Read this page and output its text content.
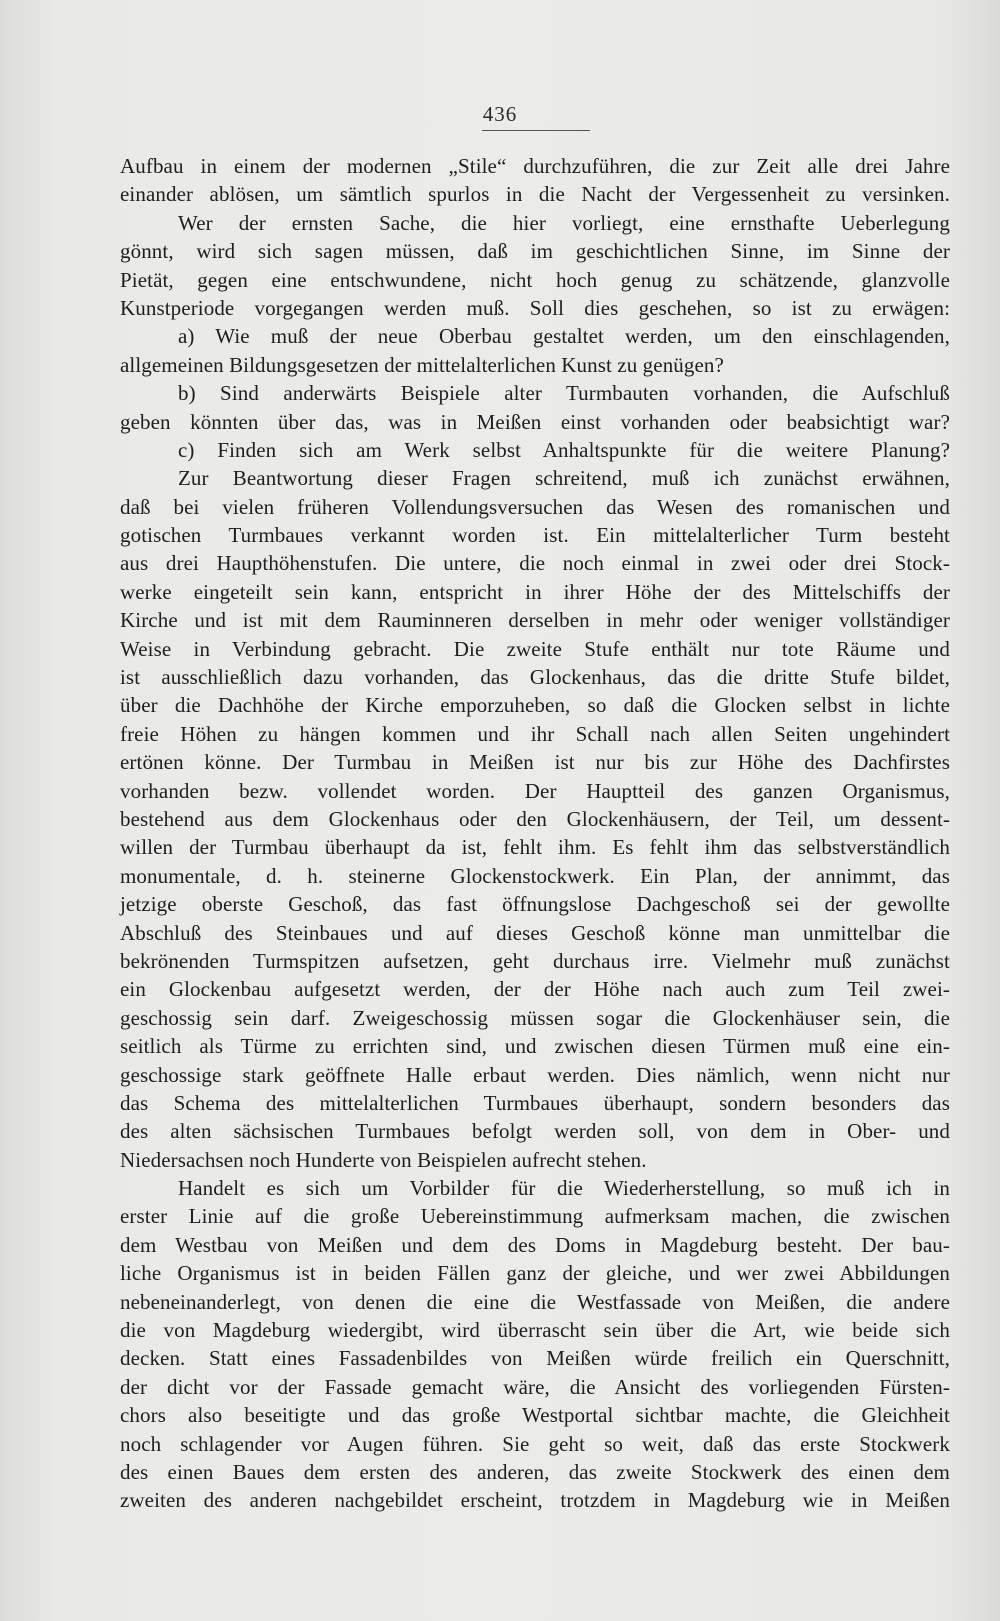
436
Aufbau in einem der modernen „Stile“ durchzuführen, die zur Zeit alle drei Jahre
einander ablösen, um sämtlich spurlos in die Nacht der Vergessenheit zu versinken.
Wer der ernsten Sache, die hier vorliegt, eine ernsthafte Ueberlegung
gönnt, wird sich sagen müssen, daß im geschichtlichen Sinne, im Sinne der
Pietät, gegen eine entschwundene, nicht hoch genug zu schätzende, glanzvolle
Kunstperiode vorgegangen werden muß. Soll dies geschehen, so ist zu erwägen:
a) Wie muß der neue Oberbau gestaltet werden, um den einschlagenden,
allgemeinen Bildungsgesetzen der mittelalterlichen Kunst zu genügen?
b) Sind anderwärts Beispiele alter Turmbauten vorhanden, die Aufschluß
geben könnten über das, was in Meißen einst vorhanden oder beabsichtigt war?
c) Finden sich am Werk selbst Anhaltspunkte für die weitere Planung?
Zur Beantwortung dieser Fragen schreitend, muß ich zunächst erwähnen,
daß bei vielen früheren Vollendungsversuchen das Wesen des romanischen und
gotischen Turmbaues verkannt worden ist. Ein mittelalterlicher Turm besteht
aus drei Haupthöhenstufen. Die untere, die noch einmal in zwei oder drei Stock-
werke eingeteilt sein kann, entspricht in ihrer Höhe der des Mittelschiffs der
Kirche und ist mit dem Rauminneren derselben in mehr oder weniger vollständiger
Weise in Verbindung gebracht. Die zweite Stufe enthält nur tote Räume und
ist ausschließlich dazu vorhanden, das Glockenhaus, das die dritte Stufe bildet,
über die Dachhöhe der Kirche emporzuheben, so daß die Glocken selbst in lichte
freie Höhen zu hängen kommen und ihr Schall nach allen Seiten ungehindert
ertönen könne. Der Turmbau in Meißen ist nur bis zur Höhe des Dachfirstes
vorhanden bezw. vollendet worden. Der Hauptteil des ganzen Organismus,
bestehend aus dem Glockenhaus oder den Glockenhäusern, der Teil, um dessent-
willen der Turmbau überhaupt da ist, fehlt ihm. Es fehlt ihm das selbstverständlich
monumentale, d. h. steinerne Glockenstockwerk. Ein Plan, der annimmt, das
jetzige oberste Geschoß, das fast öffnungslose Dachgeschoß sei der gewollte
Abschluß des Steinbaues und auf dieses Geschoß könne man unmittelbar die
bekrönenden Turmspitzen aufsetzen, geht durchaus irre. Vielmehr muß zunächst
ein Glockenbau aufgesetzt werden, der der Höhe nach auch zum Teil zwei-
geschossig sein darf. Zweigeschossig müssen sogar die Glockenhäuser sein, die
seitlich als Türme zu errichten sind, und zwischen diesen Türmen muß eine ein-
geschossige stark geöffnete Halle erbaut werden. Dies nämlich, wenn nicht nur
das Schema des mittelalterlichen Turmbaues überhaupt, sondern besonders das
des alten sächsischen Turmbaues befolgt werden soll, von dem in Ober- und
Niedersachsen noch Hunderte von Beispielen aufrecht stehen.
Handelt es sich um Vorbilder für die Wiederherstellung, so muß ich in
erster Linie auf die große Uebereinstimmung aufmerksam machen, die zwischen
dem Westbau von Meißen und dem des Doms in Magdeburg besteht. Der bau-
liche Organismus ist in beiden Fällen ganz der gleiche, und wer zwei Abbildungen
nebeneinanderlegt, von denen die eine die Westfassade von Meißen, die andere
die von Magdeburg wiedergibt, wird überrascht sein über die Art, wie beide sich
decken. Statt eines Fassadenbildes von Meißen würde freilich ein Querschnitt,
der dicht vor der Fassade gemacht wäre, die Ansicht des vorliegenden Fürsten-
chors also beseitigte und das große Westportal sichtbar machte, die Gleichheit
noch schlagender vor Augen führen. Sie geht so weit, daß das erste Stockwerk
des einen Baues dem ersten des anderen, das zweite Stockwerk des einen dem
zweiten des anderen nachgebildet erscheint, trotzdem in Magdeburg wie in Meißen
